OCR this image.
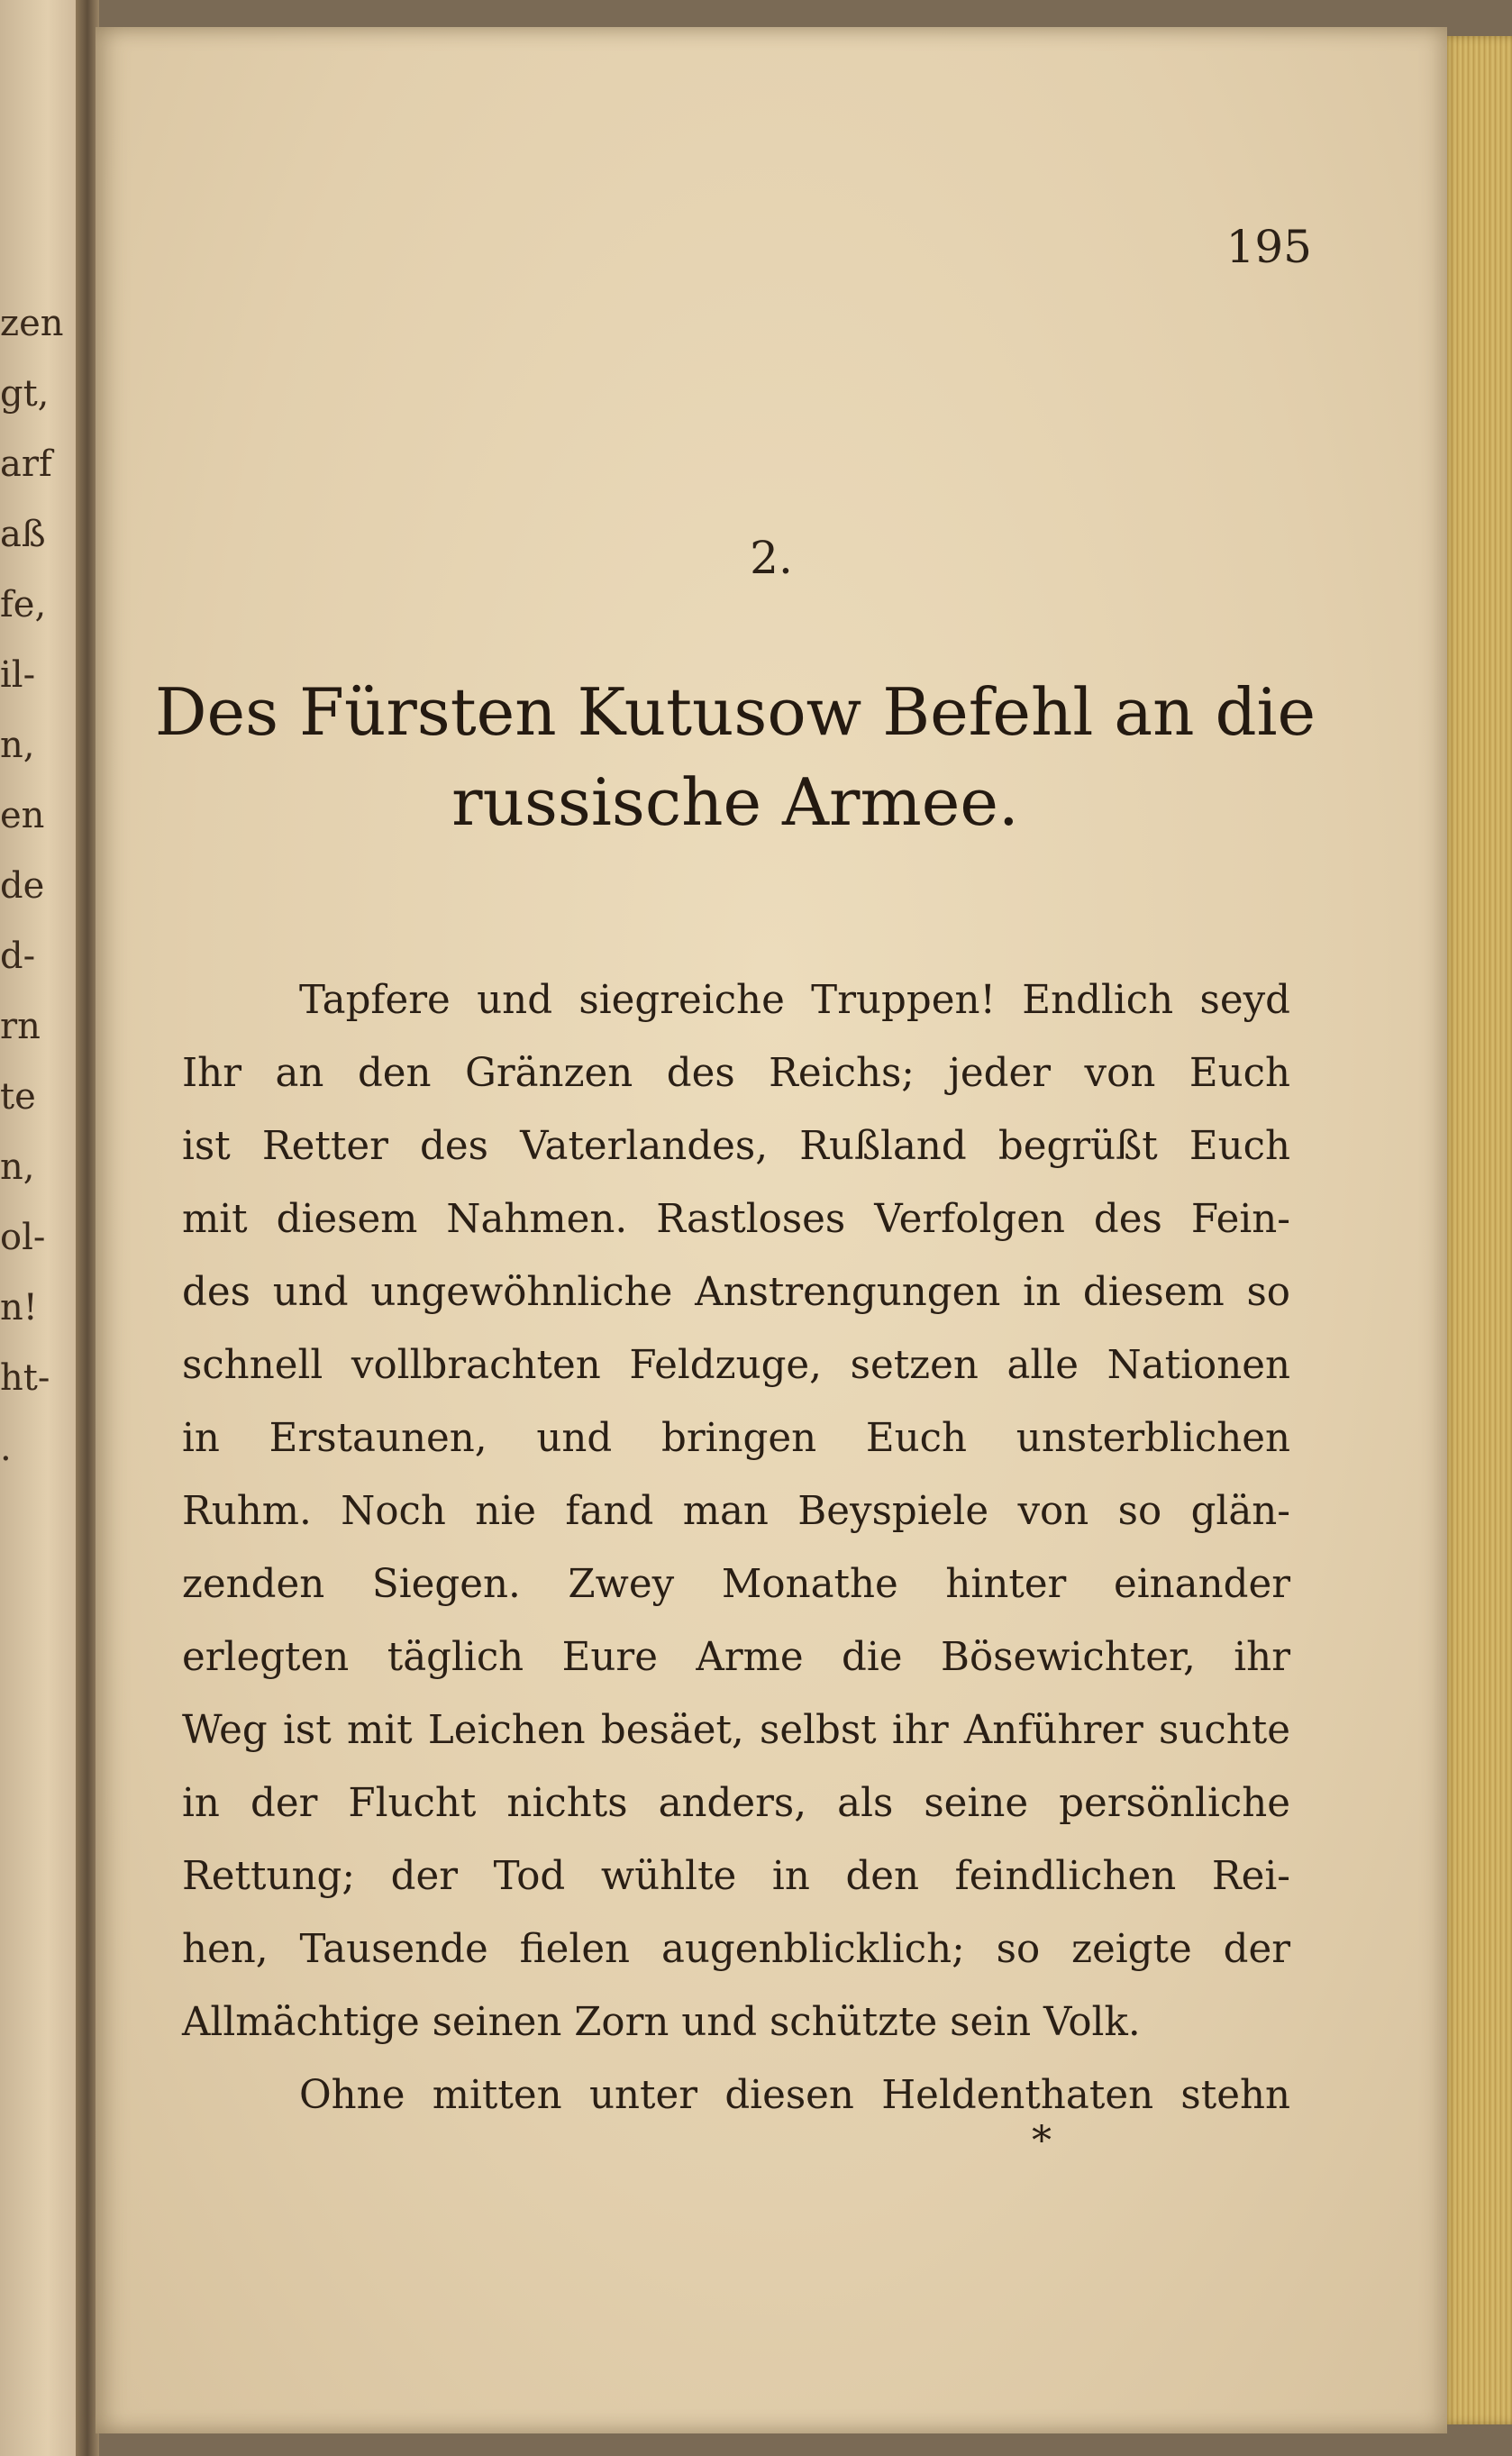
zen
gt,
arf
aß
fe,
il-
n,
en
de
d-
rn
te
n,
ol-
n!
ht-
.
195
2.
Des Fürsten Kutusow Befehl an die
russische Armee.
Tapfere und siegreiche Truppen! Endlich seyd
Ihr an den Gränzen des Reichs; jeder von Euch
ist Retter des Vaterlandes, Rußland begrüßt Euch
mit diesem Nahmen. Rastloses Verfolgen des Fein-
des und ungewöhnliche Anstrengungen in diesem so
schnell vollbrachten Feldzuge, setzen alle Nationen
in Erstaunen, und bringen Euch unsterblichen
Ruhm. Noch nie fand man Beyspiele von so glän-
zenden Siegen. Zwey Monathe hinter einander
erlegten täglich Eure Arme die Bösewichter, ihr
Weg ist mit Leichen besäet, selbst ihr Anführer suchte
in der Flucht nichts anders, als seine persönliche
Rettung; der Tod wühlte in den feindlichen Rei-
hen, Tausende fielen augenblicklich; so zeigte der
Allmächtige seinen Zorn und schützte sein Volk.
Ohne mitten unter diesen Heldenthaten stehn
*
